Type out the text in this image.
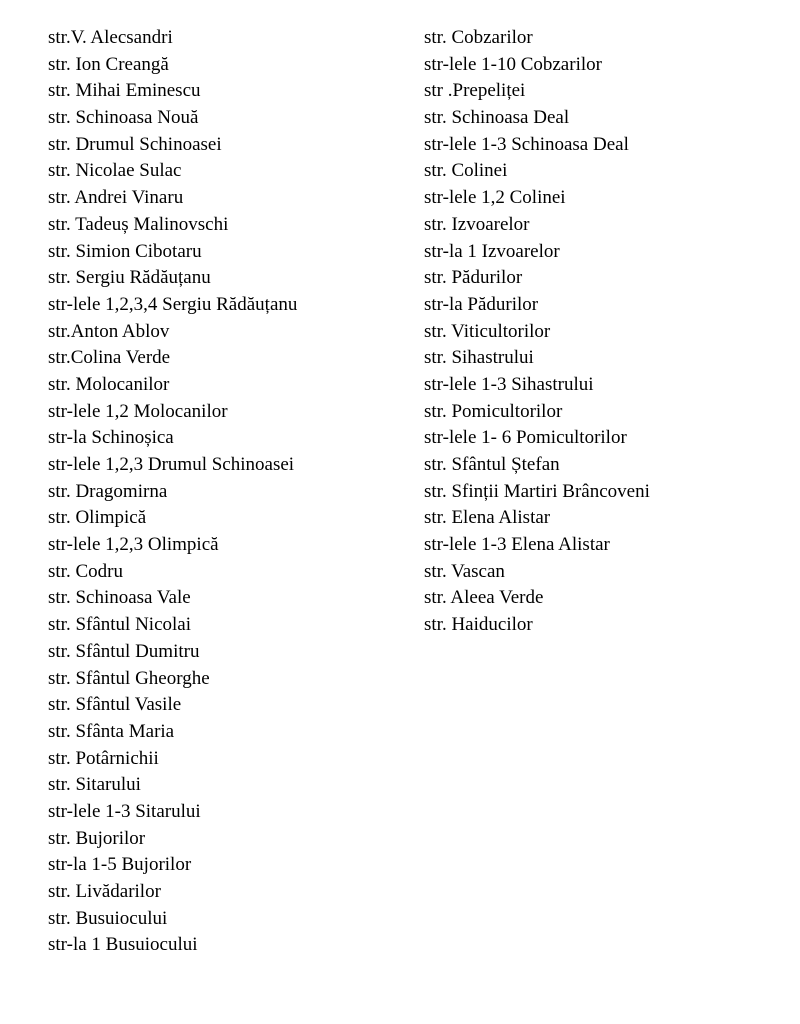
str.V. Alecsandri
str. Ion Creangă
str. Mihai Eminescu
str. Schinoasa Nouă
str. Drumul Schinoasei
str. Nicolae Sulac
str. Andrei Vinaru
str. Tadeuș Malinovschi
str. Simion Cibotaru
str. Sergiu Rădăuțanu
str-lele 1,2,3,4 Sergiu Rădăuțanu
str.Anton Ablov
str.Colina Verde
str. Molocanilor
str-lele 1,2 Molocanilor
str-la Schinoșica
str-lele 1,2,3 Drumul Schinoasei
str. Dragomirna
str. Olimpică
str-lele 1,2,3 Olimpică
str. Codru
str. Schinoasa Vale
str. Sfântul Nicolai
str. Sfântul Dumitru
str. Sfântul Gheorghe
str. Sfântul Vasile
str. Sfânta Maria
str. Potârnichii
str. Sitarului
str-lele 1-3 Sitarului
str. Bujorilor
str-la 1-5 Bujorilor
str. Livădarilor
str. Busuiocului
str-la 1 Busuiocului
str. Cobzarilor
str-lele 1-10 Cobzarilor
str .Prepeliței
str. Schinoasa Deal
str-lele 1-3 Schinoasa Deal
str. Colinei
str-lele 1,2 Colinei
str. Izvoarelor
str-la 1 Izvoarelor
str. Pădurilor
str-la Pădurilor
str. Viticultorilor
str. Sihastrului
str-lele 1-3 Sihastrului
str. Pomicultorilor
str-lele 1- 6 Pomicultorilor
str. Sfântul Ștefan
str. Sfinții Martiri Brâncoveni
str. Elena Alistar
str-lele 1-3 Elena Alistar
str. Vascan
str. Aleea Verde
str. Haiducilor
